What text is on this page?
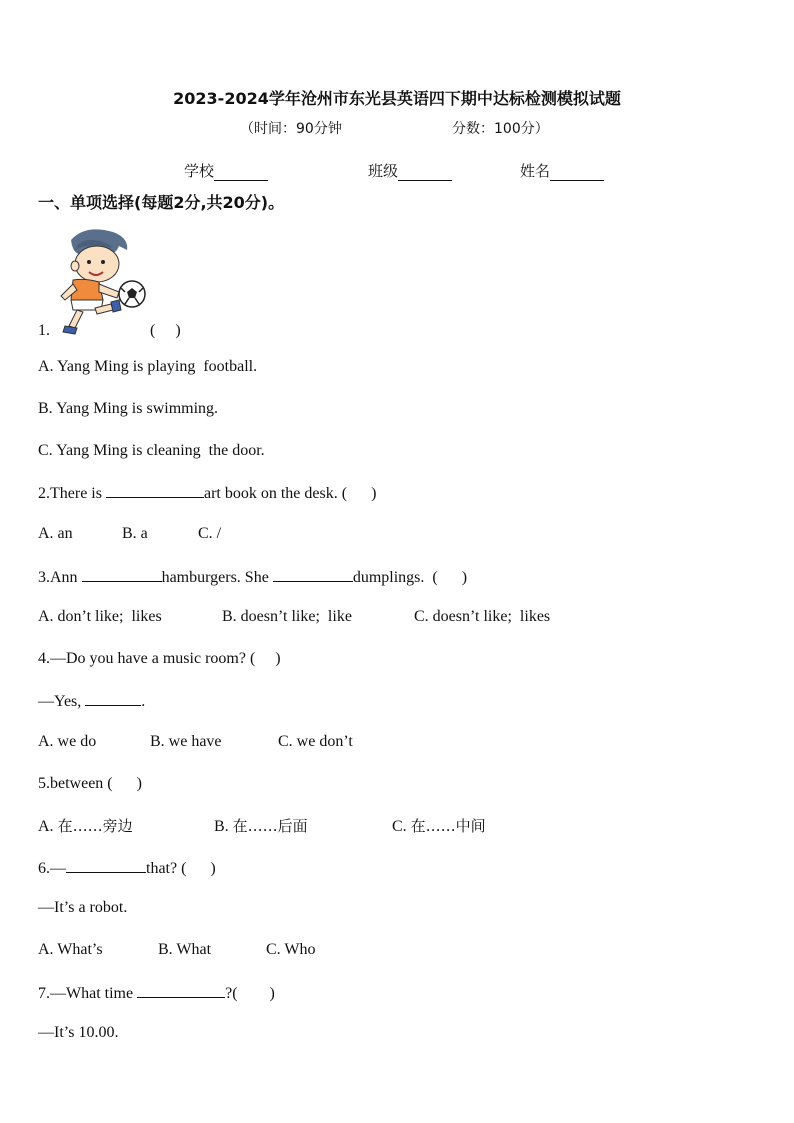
2023-2024学年沧州市东光县英语四下期中达标检测模拟试题
（时间：90分钟	分数：100分）
学校	班级	姓名
一、单项选择(每题2分,共20分)。
1.	(     )
A. Yang Ming is playing  football.
B. Yang Ming is swimming.
C. Yang Ming is cleaning  the door.
2.There is	art book on the desk. (      )
A. an	B. a	C. /
3.Ann	hamburgers. She	dumplings.  (      )
A. don’t like;  likes	B. doesn’t like;  like	C. doesn’t like;  likes
4.—Do you have a music room? (     )
—Yes,	.
A. we do	B. we have	C. we don’t
5.between (      )
A. 在……旁边	B. 在……后面	C. 在……中间
6.—	that? (      )
—It’s a robot.
A. What’s	B. What	C. Who
7.—What time	?(        )
—It’s 10.00.
